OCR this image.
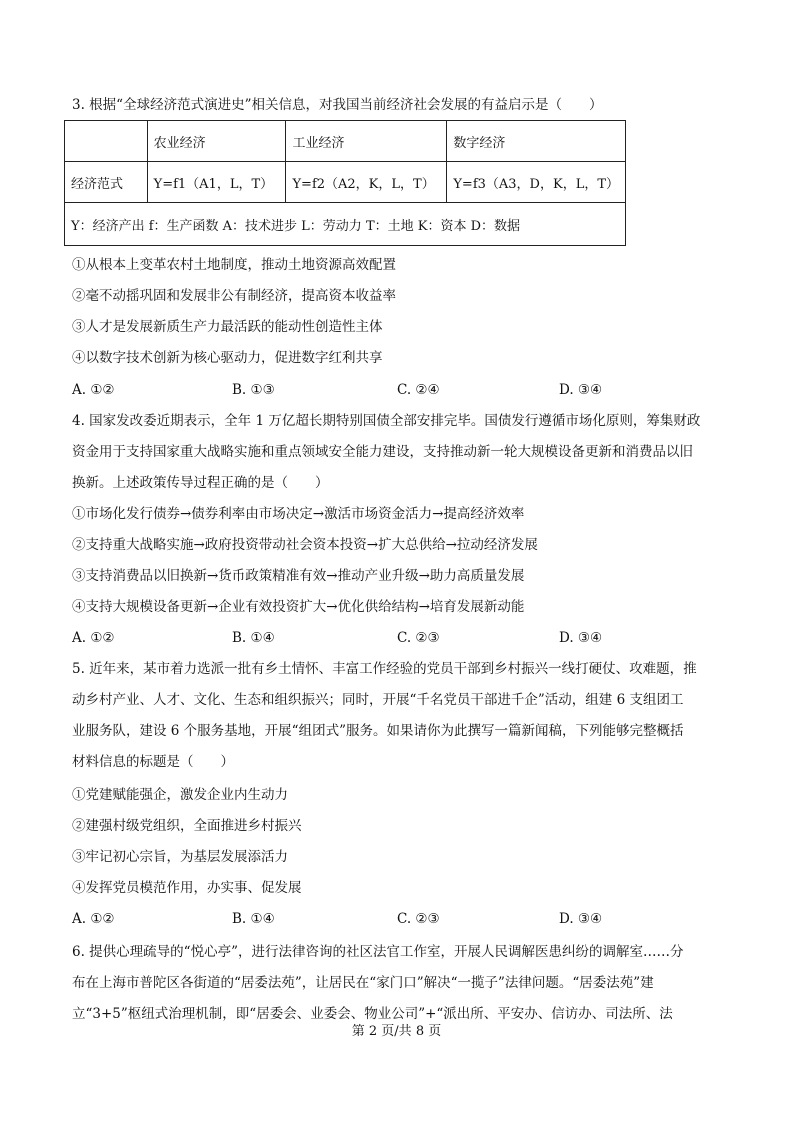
3. 根据“全球经济范式演进史”相关信息，对我国当前经济社会发展的有益启示是（　　）
	农业经济	工业经济	数字经济
经济范式	Y=f1（A1，L，T）	Y=f2（A2，K，L，T）	Y=f3（A3，D，K，L，T）
Y：经济产出 f：生产函数 A：技术进步 L：劳动力 T：土地 K：资本 D：数据			
①从根本上变革农村土地制度，推动土地资源高效配置
②毫不动摇巩固和发展非公有制经济，提高资本收益率
③人才是发展新质生产力最活跃的能动性创造性主体
④以数字技术创新为核心驱动力，促进数字红利共享
A. ①②	B. ①③	C. ②④	D. ③④
4. 国家发改委近期表示，全年 1 万亿超长期特别国债全部安排完毕。国债发行遵循市场化原则，筹集财政
资金用于支持国家重大战略实施和重点领域安全能力建设，支持推动新一轮大规模设备更新和消费品以旧
换新。上述政策传导过程正确的是（　　）
①市场化发行债券→债券利率由市场决定→激活市场资金活力→提高经济效率
②支持重大战略实施→政府投资带动社会资本投资→扩大总供给→拉动经济发展
③支持消费品以旧换新→货币政策精准有效→推动产业升级→助力高质量发展
④支持大规模设备更新→企业有效投资扩大→优化供给结构→培育发展新动能
A. ①②	B. ①④	C. ②③	D. ③④
5. 近年来，某市着力选派一批有乡土情怀、丰富工作经验的党员干部到乡村振兴一线打硬仗、攻难题，推
动乡村产业、人才、文化、生态和组织振兴；同时，开展“千名党员干部进千企”活动，组建 6 支组团工
业服务队，建设 6 个服务基地，开展“组团式”服务。如果请你为此撰写一篇新闻稿，下列能够完整概括
材料信息的标题是（　　）
①党建赋能强企，激发企业内生动力
②建强村级党组织，全面推进乡村振兴
③牢记初心宗旨，为基层发展添活力
④发挥党员模范作用，办实事、促发展
A. ①②	B. ①④	C. ②③	D. ③④
6. 提供心理疏导的“悦心亭”，进行法律咨询的社区法官工作室，开展人民调解医患纠纷的调解室……分
布在上海市普陀区各街道的“居委法苑”，让居民在“家门口”解决“一揽子”法律问题。“居委法苑”建
立“3+5”枢纽式治理机制，即“居委会、业委会、物业公司”+“派出所、平安办、信访办、司法所、法
第 2 页/共 8 页
